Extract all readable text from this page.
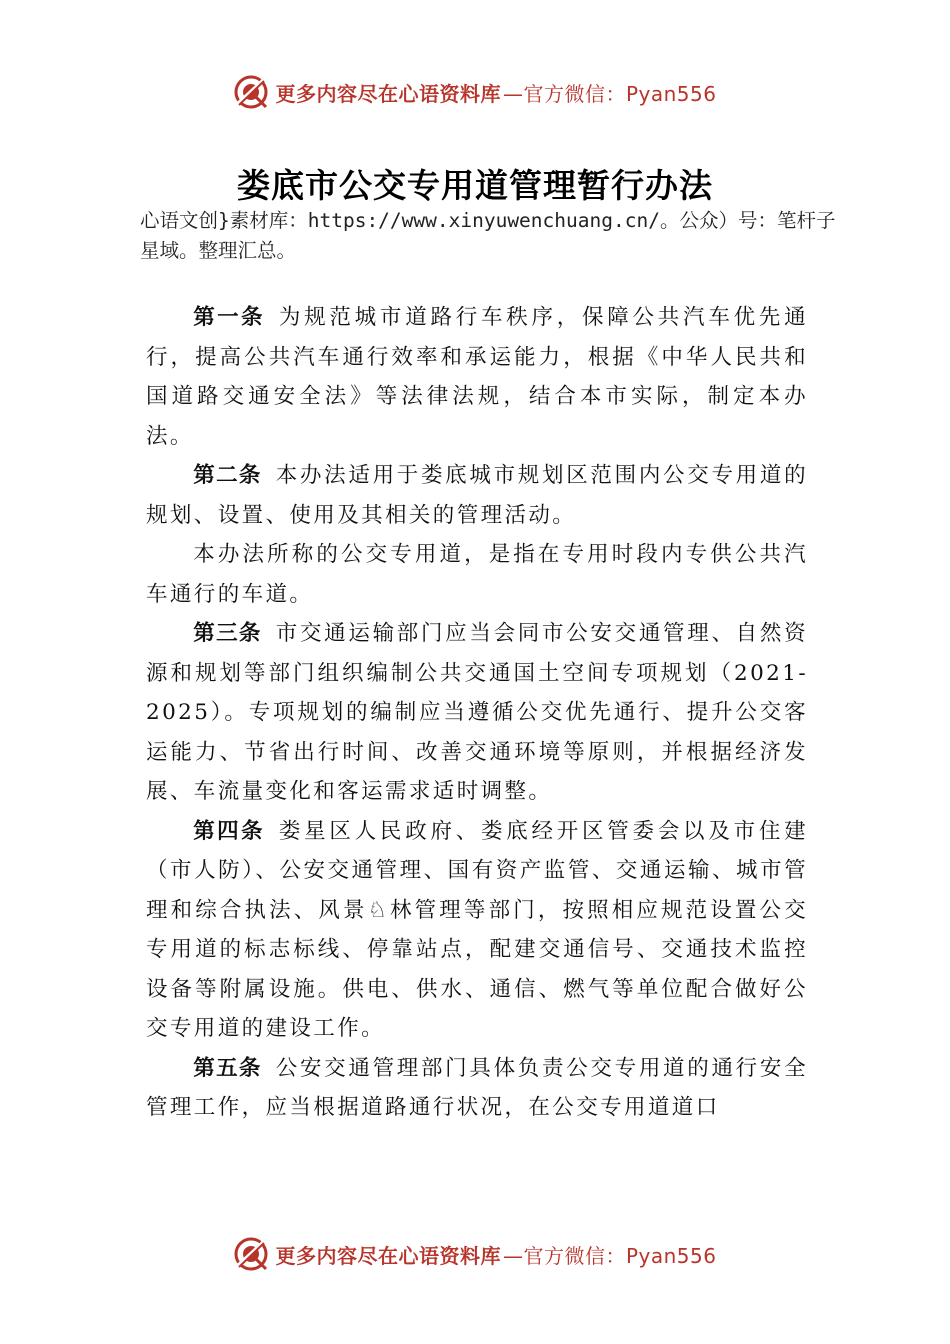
更多内容尽在心语资料库 —官方微信：Pyan556
娄底市公交专用道管理暂行办法
心语文创}素材库：https://www.xinyuwenchuang.cn/。公众）号：笔杆子星域。整理汇总。

第一条 为规范城市道路行车秩序，保障公共汽车优先通行，提高公共汽车通行效率和承运能力，根据《中华人民共和国道路交通安全法》等法律法规，结合本市实际，制定本办法。

第二条 本办法适用于娄底城市规划区范围内公交专用道的规划、设置、使用及其相关的管理活动。

本办法所称的公交专用道，是指在专用时段内专供公共汽车通行的车道。

第三条 市交通运输部门应当会同市公安交通管理、自然资源和规划等部门组织编制公共交通国土空间专项规划（2021-2025）。专项规划的编制应当遵循公交优先通行、提升公交客运能力、节省出行时间、改善交通环境等原则，并根据经济发展、车流量变化和客运需求适时调整。

第四条 娄星区人民政府、娄底经开区管委会以及市住建（市人防）、公安交通管理、国有资产监管、交通运输、城市管理和综合执法、风景♘林管理等部门，按照相应规范设置公交专用道的标志标线、停靠站点，配建交通信号、交通技术监控设备等附属设施。供电、供水、通信、燃气等单位配合做好公交专用道的建设工作。

第五条 公安交通管理部门具体负责公交专用道的通行安全管理工作，应当根据道路通行状况，在公交专用道道口

更多内容尽在心语资料库 —官方微信：Pyan556
